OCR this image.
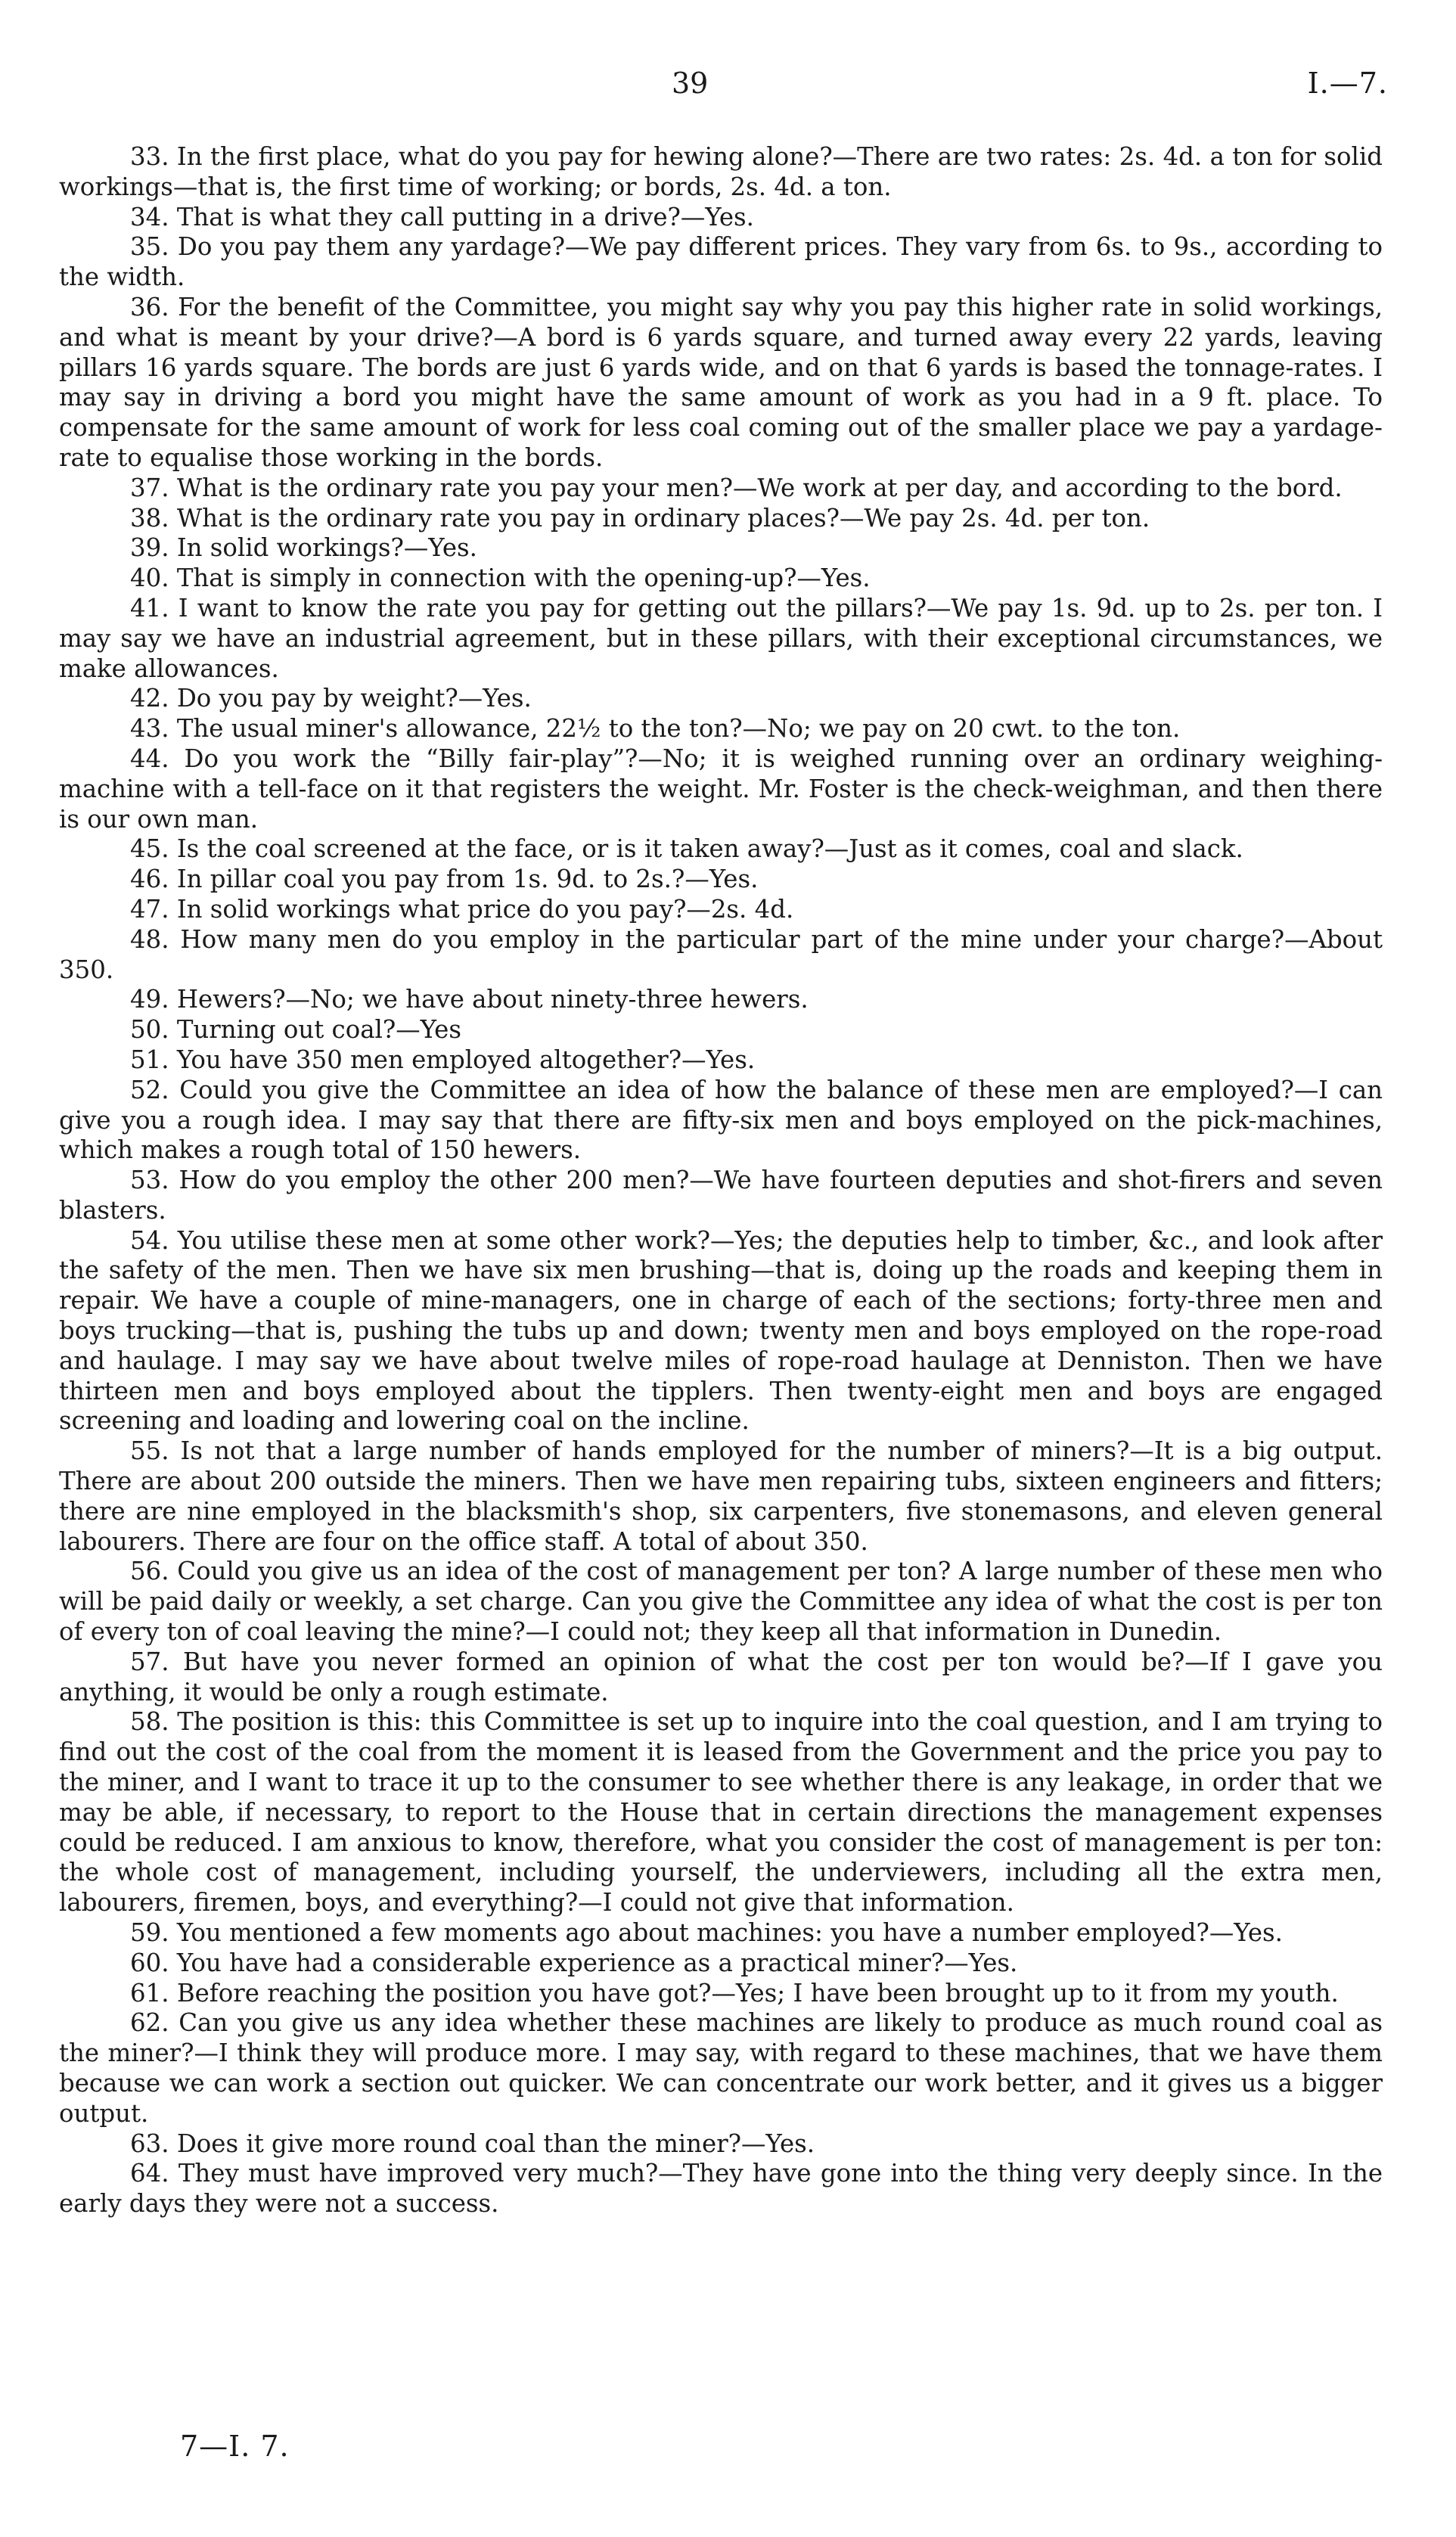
39	I.—7.

33. In the first place, what do you pay for hewing alone?—There are two rates: 2s. 4d. a ton for solid workings—that is, the first time of working; or bords, 2s. 4d. a ton.

34. That is what they call putting in a drive?—Yes.

35. Do you pay them any yardage?—We pay different prices. They vary from 6s. to 9s., according to the width.

36. For the benefit of the Committee, you might say why you pay this higher rate in solid workings, and what is meant by your drive?—A bord is 6 yards square, and turned away every 22 yards, leaving pillars 16 yards square. The bords are just 6 yards wide, and on that 6 yards is based the tonnage-rates. I may say in driving a bord you might have the same amount of work as you had in a 9 ft. place. To compensate for the same amount of work for less coal coming out of the smaller place we pay a yardage-rate to equalise those working in the bords.

37. What is the ordinary rate you pay your men?—We work at per day, and according to the bord.

38. What is the ordinary rate you pay in ordinary places?—We pay 2s. 4d. per ton.

39. In solid workings?—Yes.

40. That is simply in connection with the opening-up?—Yes.

41. I want to know the rate you pay for getting out the pillars?—We pay 1s. 9d. up to 2s. per ton. I may say we have an industrial agreement, but in these pillars, with their exceptional circumstances, we make allowances.

42. Do you pay by weight?—Yes.

43. The usual miner's allowance, 22½ to the ton?—No; we pay on 20 cwt. to the ton.

44. Do you work the “Billy fair-play”?—No; it is weighed running over an ordinary weighing-machine with a tell-face on it that registers the weight. Mr. Foster is the check-weighman, and then there is our own man.

45. Is the coal screened at the face, or is it taken away?—Just as it comes, coal and slack.

46. In pillar coal you pay from 1s. 9d. to 2s.?—Yes.

47. In solid workings what price do you pay?—2s. 4d.

48. How many men do you employ in the particular part of the mine under your charge?—About 350.

49. Hewers?—No; we have about ninety-three hewers.

50. Turning out coal?—Yes

51. You have 350 men employed altogether?—Yes.

52. Could you give the Committee an idea of how the balance of these men are employed?—I can give you a rough idea. I may say that there are fifty-six men and boys employed on the pick-machines, which makes a rough total of 150 hewers.

53. How do you employ the other 200 men?—We have fourteen deputies and shot-firers and seven blasters.

54. You utilise these men at some other work?—Yes; the deputies help to timber, &c., and look after the safety of the men. Then we have six men brushing—that is, doing up the roads and keeping them in repair. We have a couple of mine-managers, one in charge of each of the sections; forty-three men and boys trucking—that is, pushing the tubs up and down; twenty men and boys employed on the rope-road and haulage. I may say we have about twelve miles of rope-road haulage at Denniston. Then we have thirteen men and boys employed about the tipplers. Then twenty-eight men and boys are engaged screening and loading and lowering coal on the incline.

55. Is not that a large number of hands employed for the number of miners?—It is a big output. There are about 200 outside the miners. Then we have men repairing tubs, sixteen engineers and fitters; there are nine employed in the blacksmith's shop, six carpenters, five stonemasons, and eleven general labourers. There are four on the office staff. A total of about 350.

56. Could you give us an idea of the cost of management per ton? A large number of these men who will be paid daily or weekly, a set charge. Can you give the Committee any idea of what the cost is per ton of every ton of coal leaving the mine?—I could not; they keep all that information in Dunedin.

57. But have you never formed an opinion of what the cost per ton would be?—If I gave you anything, it would be only a rough estimate.

58. The position is this: this Committee is set up to inquire into the coal question, and I am trying to find out the cost of the coal from the moment it is leased from the Government and the price you pay to the miner, and I want to trace it up to the consumer to see whether there is any leakage, in order that we may be able, if necessary, to report to the House that in certain directions the management expenses could be reduced. I am anxious to know, therefore, what you consider the cost of management is per ton: the whole cost of management, including yourself, the underviewers, including all the extra men, labourers, firemen, boys, and everything?—I could not give that information.

59. You mentioned a few moments ago about machines: you have a number employed?—Yes.

60. You have had a considerable experience as a practical miner?—Yes.

61. Before reaching the position you have got?—Yes; I have been brought up to it from my youth.

62. Can you give us any idea whether these machines are likely to produce as much round coal as the miner?—I think they will produce more. I may say, with regard to these machines, that we have them because we can work a section out quicker. We can concentrate our work better, and it gives us a bigger output.

63. Does it give more round coal than the miner?—Yes.

64. They must have improved very much?—They have gone into the thing very deeply since. In the early days they were not a success.

7—I. 7.
